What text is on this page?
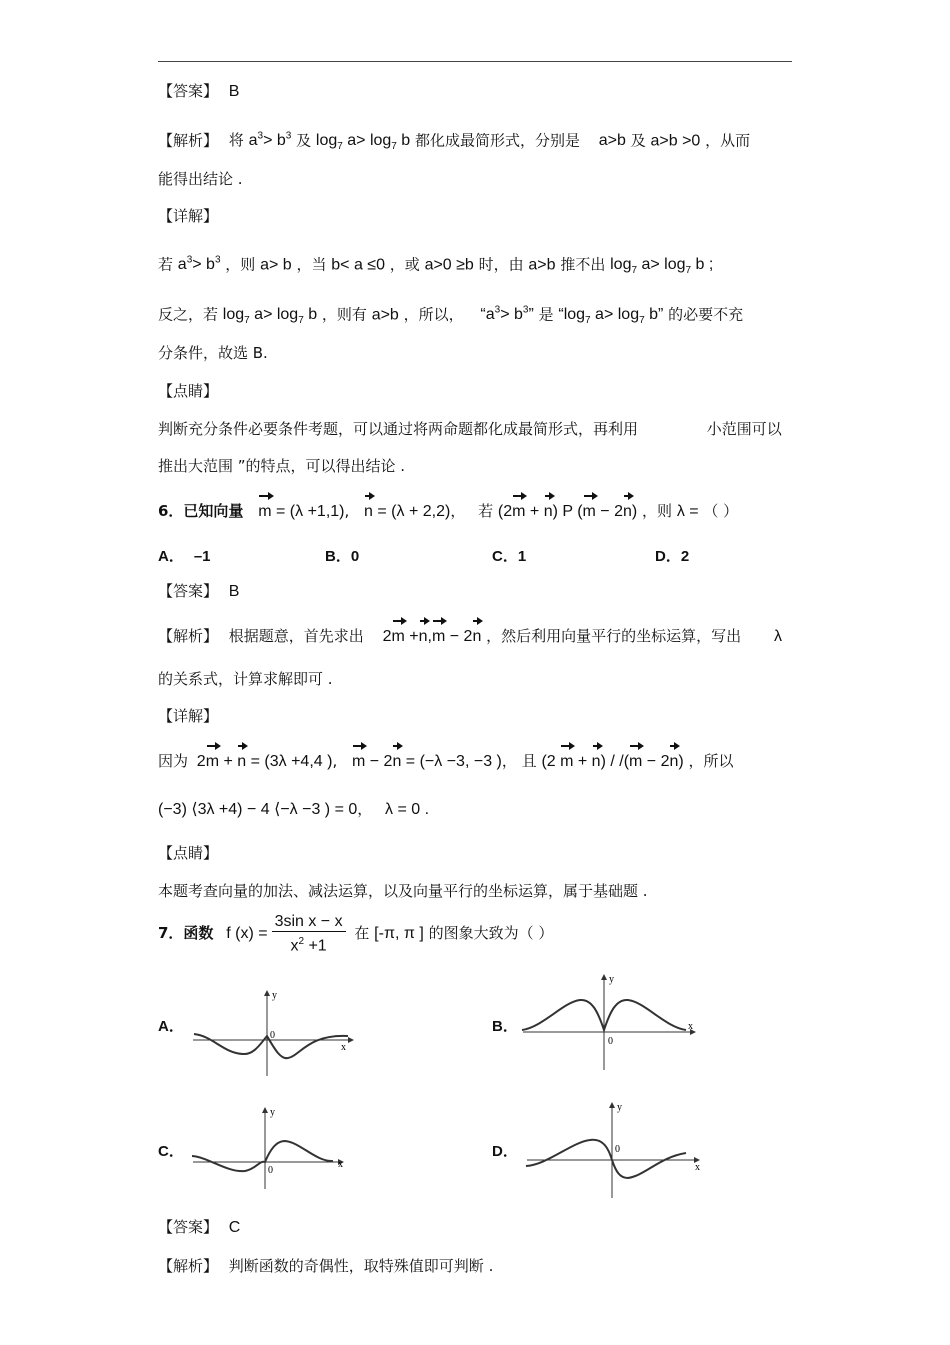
【答案】 B
【解析】 将 $a^3> b^3$ 及 $\log_7 a> \log_7 b$ 都化成最简形式，分别是 a>b 及 a>b >0 ，从而
能得出结论 .
【详解】
若 $a^3> b^3$ ，则 a> b ，当 b< a ≤0 ，或 a>0 ≥b 时，由 a>b 推不出 $\log_7 a> \log_7 b$ ;
反之，若 $\log_7 a> \log_7 b$ ，则有 a>b ，所以， “$a^3> b^3$” 是 “$\log_7$ $a> \log_7 b$” 的必要不充
分条件，故选 B.
【点睛】
判断充分条件必要条件考题，可以通过将两命题都化成最简形式，再利用	小范围可以
推出大范围 ”的特点，可以得出结论 .
6．已知向量 m = (λ +1,1), n = (λ + 2,2)， 若 (2m + n) P (m − 2n) ，则 λ = （ ）
A． –1	B．0	C．1	D．2
【答案】 B
【解析】 根据题意，首先求出 2m +n,m − 2n ，然后利用向量平行的坐标运算，写出 λ
的关系式，计算求解即可 .
【详解】
因为 2m + n = (3λ +4,4 ), m − 2n = (−λ −3, −3 )， 且 (2 m + n) / /(m − 2n) ，所以
(−3) ⟨3λ +4) − 4 ⟨−λ −3 ) = 0， λ = 0 .
【点睛】
本题考查向量的加法、减法运算，以及向量平行的坐标运算，属于基础题 .
7．函数 f $(x) = \frac{\text{3sin x − x}}{x^2 +1}$ 在 [-π, π ] 的图象大致为（ ）
A．	B．
C．	D．
y
0
x
y
0
x
y
0
x
y
0
x
【答案】 C
【解析】 判断函数的奇偶性，取特殊值即可判断 .
